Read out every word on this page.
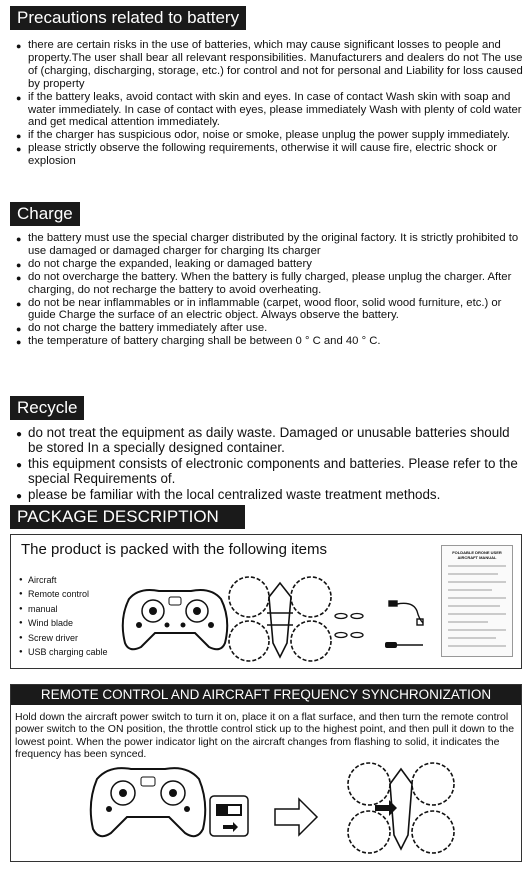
Precautions related to battery
● there are certain risks in the use of batteries, which may cause significant losses to people and property.The user shall bear all relevant responsibilities. Manufacturers and dealers do not The use of (charging, discharging, storage, etc.) for control and not for personal and Liability for loss caused by property
● if the battery leaks, avoid contact with skin and eyes. In case of contact Wash skin with soap and water immediately. In case of contact with eyes, please immediately Wash with plenty of cold water and get medical attention immediately.
● if the charger has suspicious odor, noise or smoke, please unplug the power supply immediately.
● please strictly observe the following requirements, otherwise it will cause fire, electric shock or explosion
Charge
● the battery must use the special charger distributed by the original factory. It is strictly prohibited to use damaged or damaged charger for charging Its charger
● do not charge the expanded, leaking or damaged battery
● do not overcharge the battery. When the battery is fully charged, please unplug the charger. After charging, do not recharge the battery to avoid overheating.
● do not be near inflammables or in inflammable (carpet, wood floor, solid wood furniture, etc.) or guide Charge the surface of an electric object. Always observe the battery.
● do not charge the battery immediately after use.
● the temperature of battery charging shall be between 0 ° C and 40 ° C.
Recycle
● do not treat the equipment as daily waste. Damaged or unusable batteries should be stored In a specially designed container.
● this equipment consists of electronic components and batteries. Please refer to the special Requirements of.
● please be familiar with the local centralized waste treatment methods.
PACKAGE DESCRIPTION
The product is packed with the following items
● Aircraft
● Remote control
● manual
● Wind blade
● Screw driver
● USB charging cable
FOLDABLE DRONE USER AIRCRAFT MANUAL
REMOTE CONTROL AND AIRCRAFT FREQUENCY SYNCHRONIZATION
Hold down the aircraft power switch to turn it on, place it on a flat surface, and then turn the remote control power switch to the ON position, the throttle control stick up to the highest point, and then pull it down to the lowest point. When the power indicator light on the aircraft changes from flashing to solid, it indicates the frequency has been synced.
